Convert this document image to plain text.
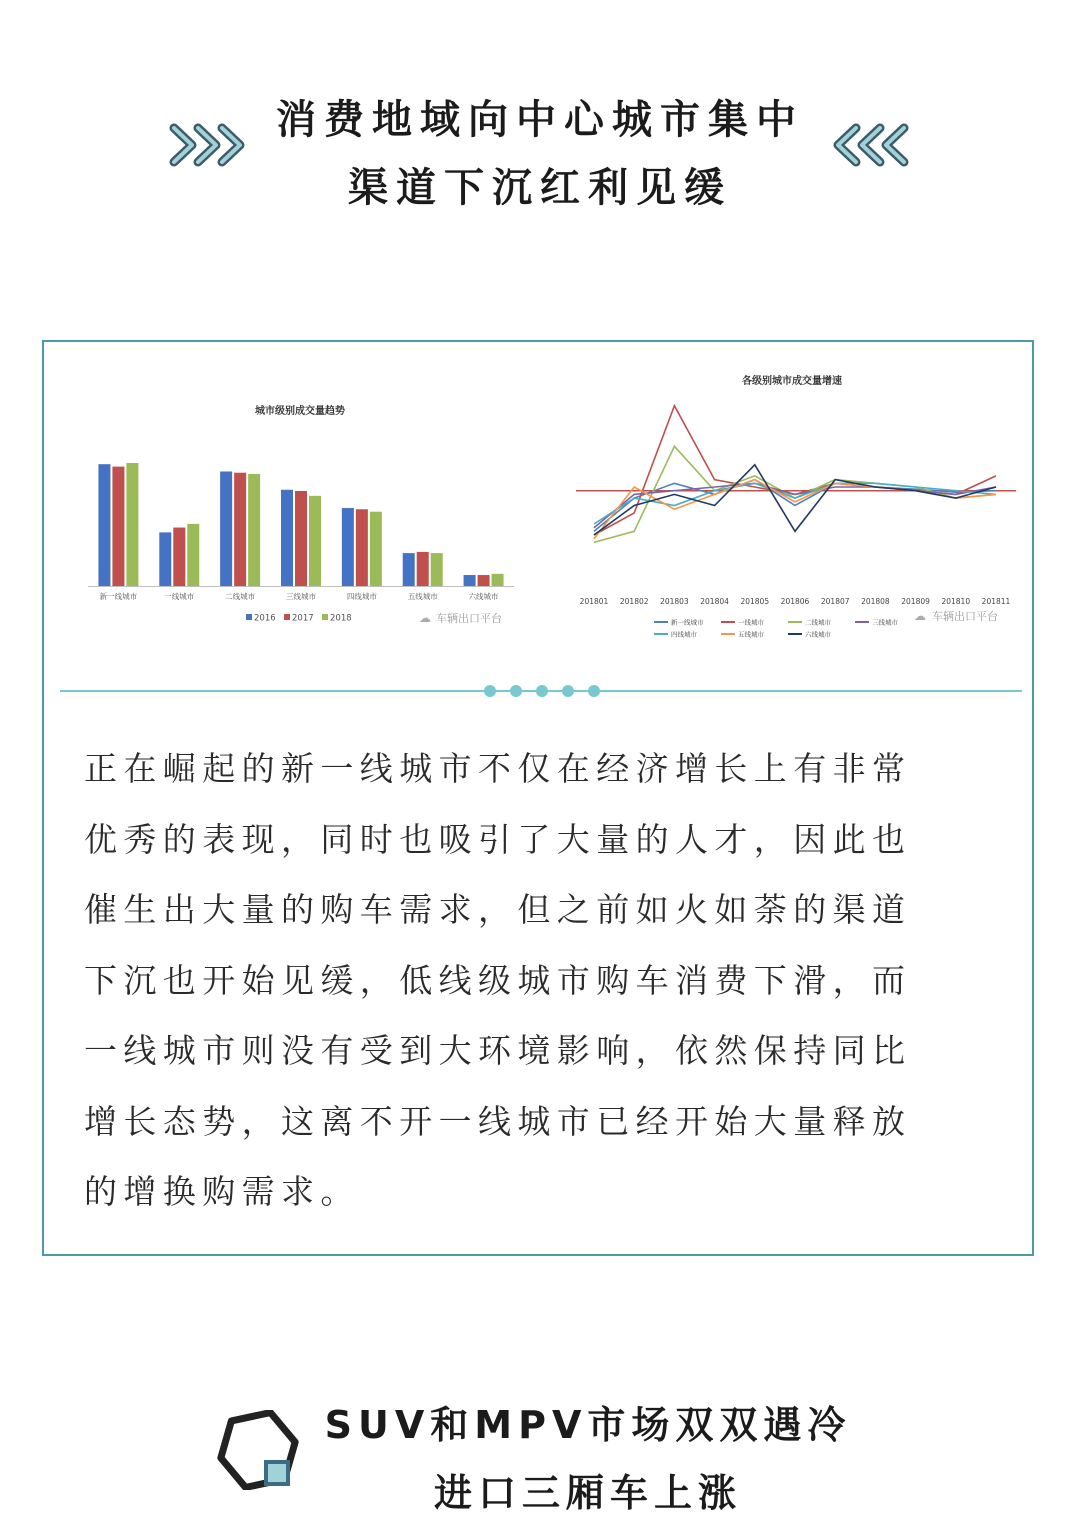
消费地域向中心城市集中
渠道下沉红利见缓
城市级别成交量趋势
新一线城市	一线城市	二线城市	三线城市	四线城市	五线城市	六线城市
2016 2017 2018	☁ 车辆出口平台
各级别城市成交量增速
201801 201802 201803 201804 201805 201806 201807 201808 201809 201810 201811
新一线城市	一线城市	二线城市	三线城市
四线城市	五线城市	六线城市
☁ 车辆出口平台
正在崛起的新一线城市不仅在经济增长上有非常
优秀的表现，同时也吸引了大量的人才，因此也
催生出大量的购车需求，但之前如火如荼的渠道
下沉也开始见缓，低线级城市购车消费下滑，而
一线城市则没有受到大环境影响，依然保持同比
增长态势，这离不开一线城市已经开始大量释放
的增换购需求。
SUV和MPV市场双双遇冷
进口三厢车上涨
